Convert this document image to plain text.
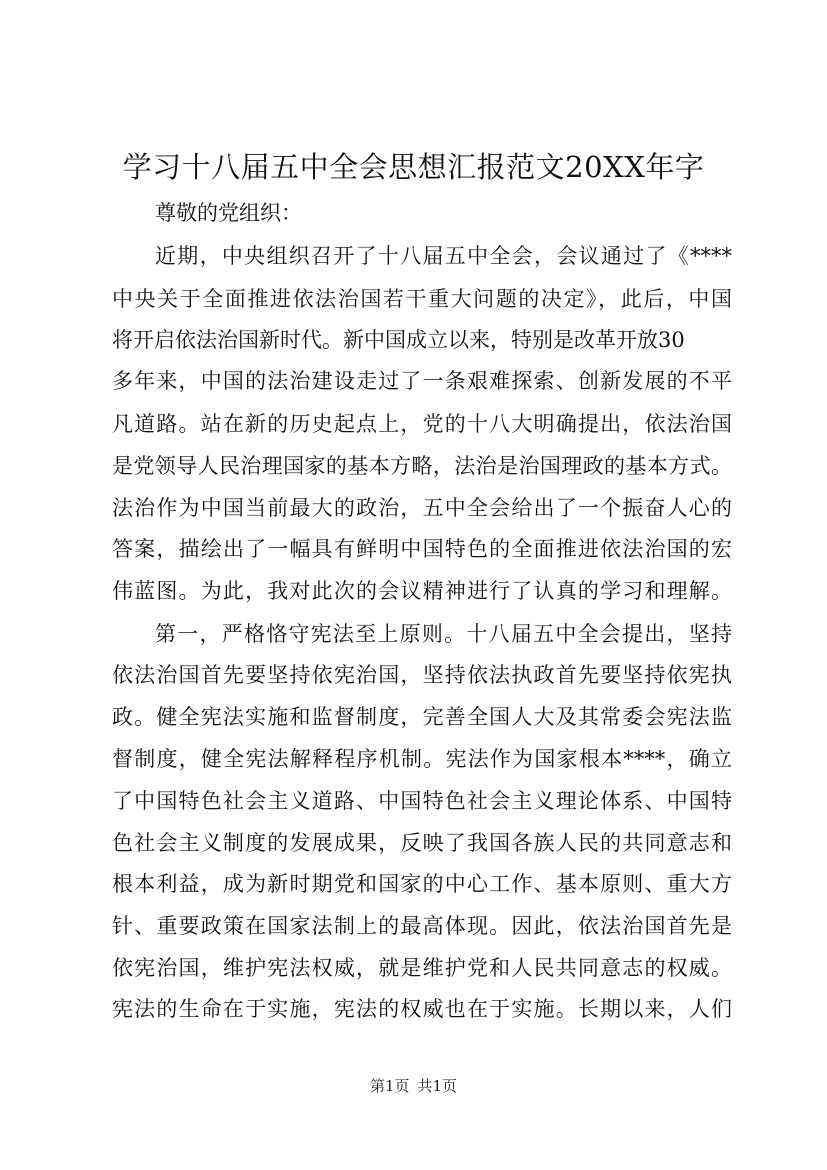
学习十八届五中全会思想汇报范文20XX年字

尊敬的党组织：

近期，中央组织召开了十八届五中全会，会议通过了《****

中央关于全面推进依法治国若干重大问题的决定》，此后，中国

将开启依法治国新时代。新中国成立以来，特别是改革开放30

多年来，中国的法治建设走过了一条艰难探索、创新发展的不平

凡道路。站在新的历史起点上，党的十八大明确提出，依法治国

是党领导人民治理国家的基本方略，法治是治国理政的基本方式。

法治作为中国当前最大的政治，五中全会给出了一个振奋人心的

答案，描绘出了一幅具有鲜明中国特色的全面推进依法治国的宏

伟蓝图。为此，我对此次的会议精神进行了认真的学习和理解。

第一，严格恪守宪法至上原则。十八届五中全会提出，坚持

依法治国首先要坚持依宪治国，坚持依法执政首先要坚持依宪执

政。健全宪法实施和监督制度，完善全国人大及其常委会宪法监

督制度，健全宪法解释程序机制。宪法作为国家根本****，确立

了中国特色社会主义道路、中国特色社会主义理论体系、中国特

色社会主义制度的发展成果，反映了我国各族人民的共同意志和

根本利益，成为新时期党和国家的中心工作、基本原则、重大方

针、重要政策在国家法制上的最高体现。因此，依法治国首先是

依宪治国，维护宪法权威，就是维护党和人民共同意志的权威。

宪法的生命在于实施，宪法的权威也在于实施。长期以来，人们

第1页 共1页
